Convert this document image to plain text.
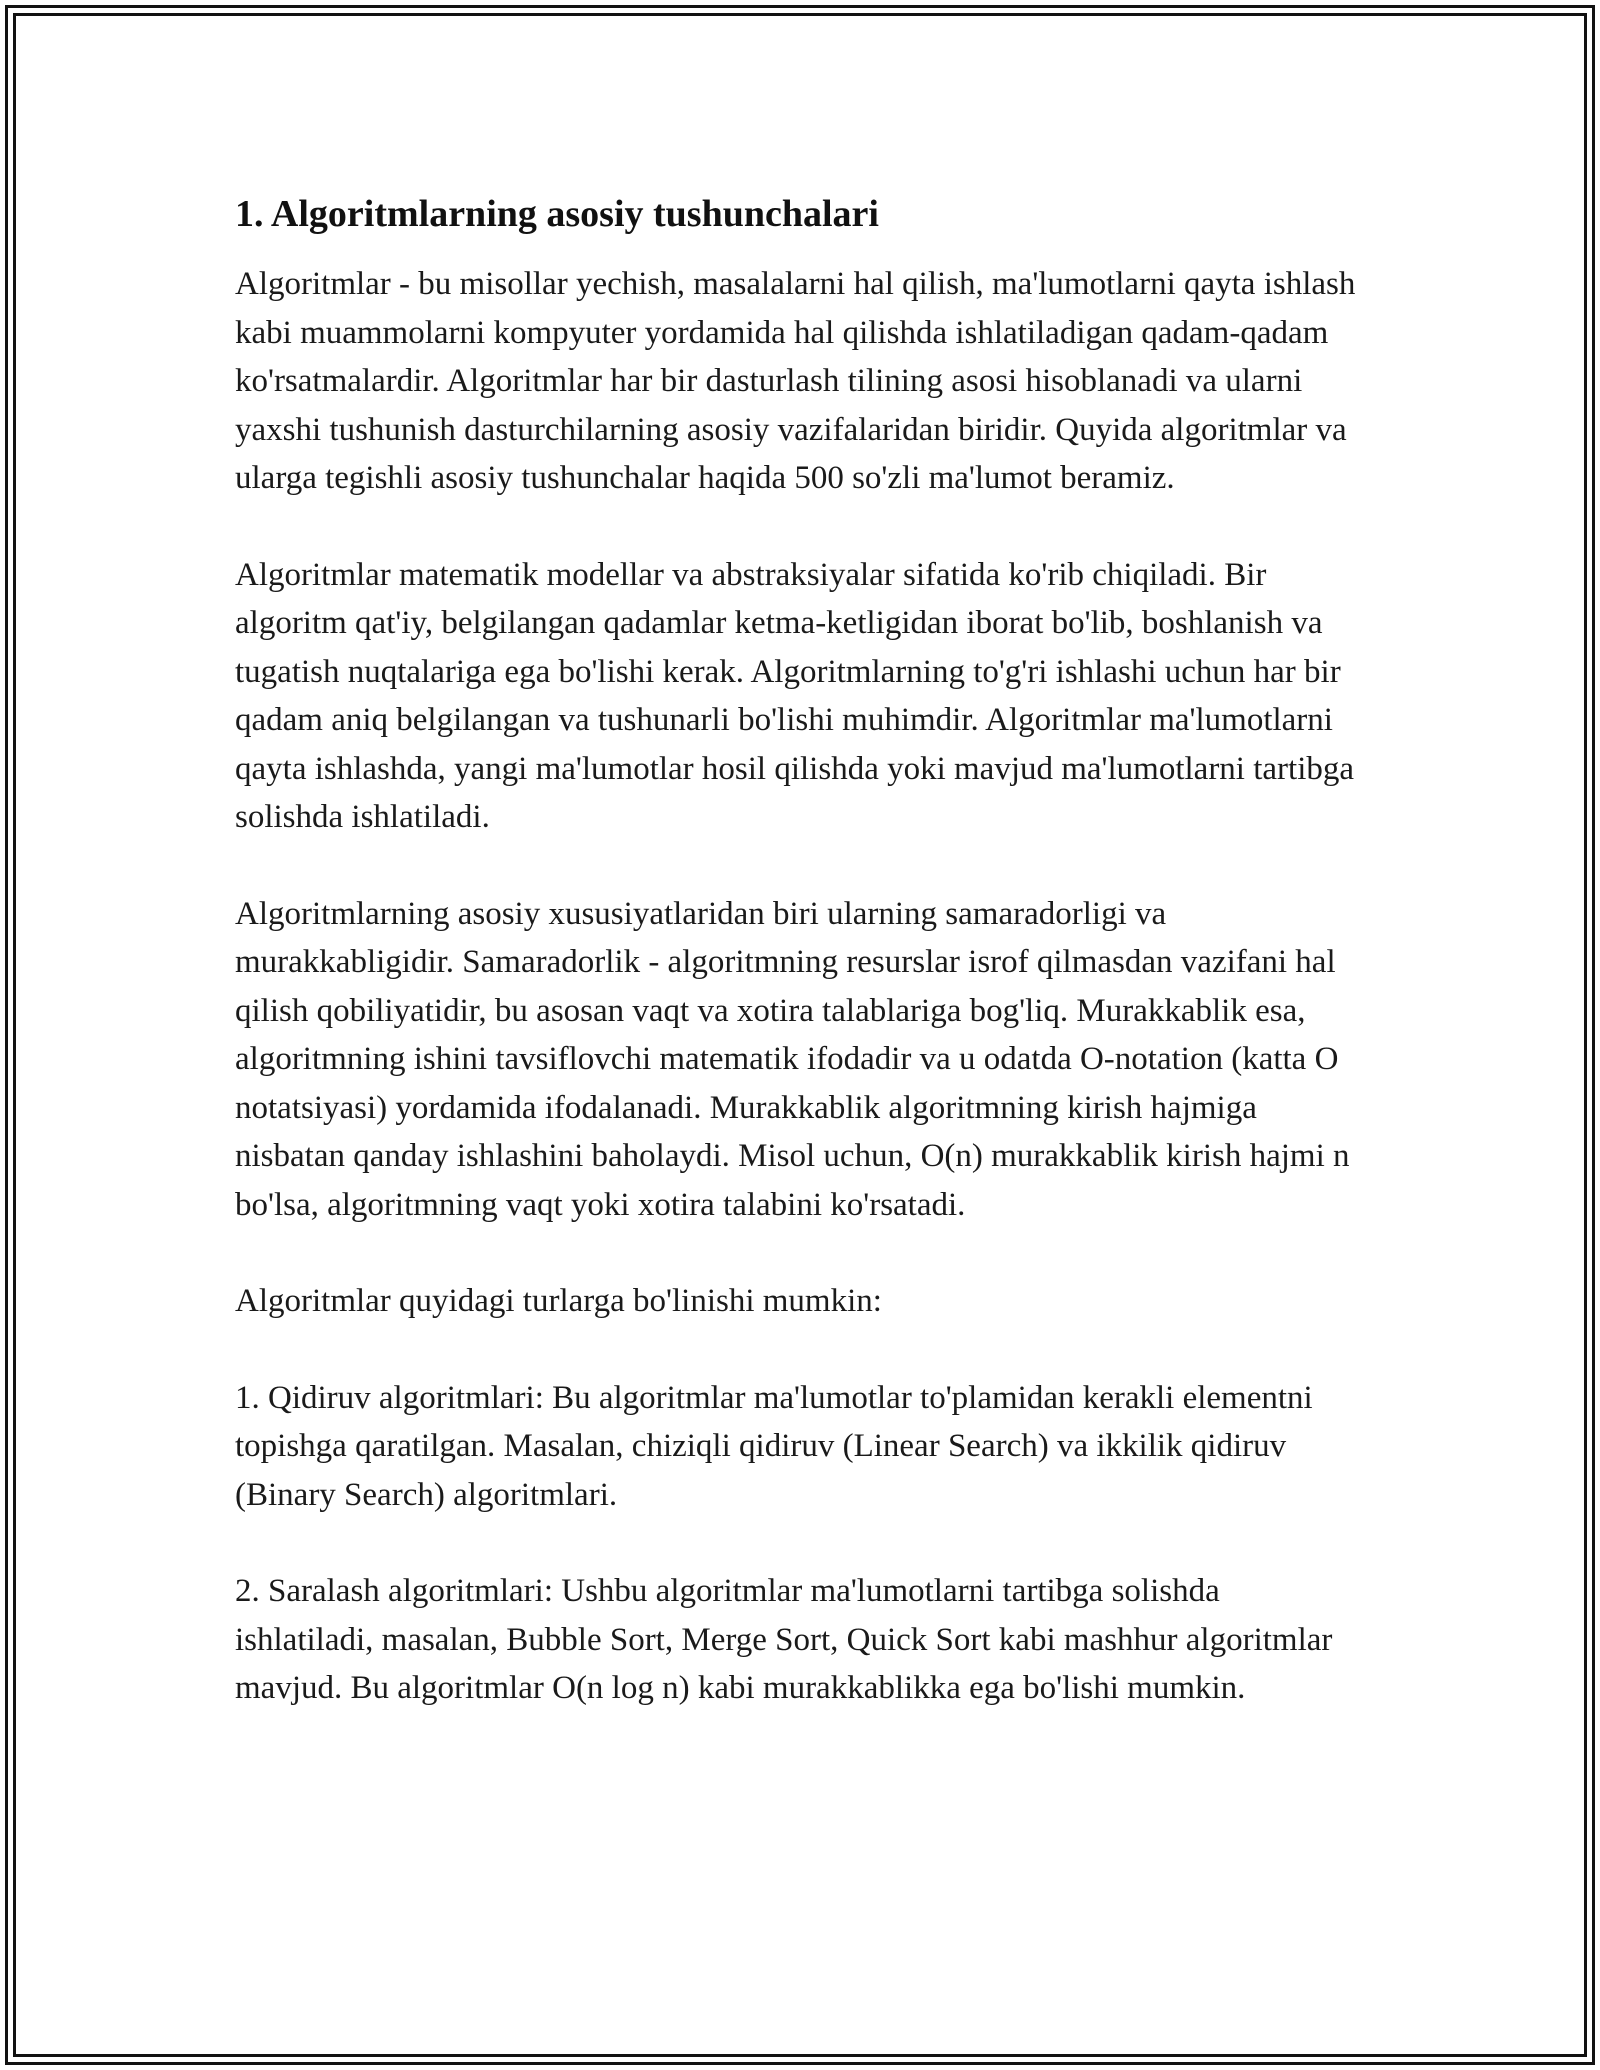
1. Algoritmlarning asosiy tushunchalari

Algoritmlar - bu misollar yechish, masalalarni hal qilish, ma'lumotlarni qayta ishlash kabi muammolarni kompyuter yordamida hal qilishda ishlatiladigan qadam-qadam ko'rsatmalardir. Algoritmlar har bir dasturlash tilining asosi hisoblanadi va ularni yaxshi tushunish dasturchilarning asosiy vazifalaridan biridir. Quyida algoritmlar va ularga tegishli asosiy tushunchalar haqida 500 so'zli ma'lumot beramiz.

Algoritmlar matematik modellar va abstraksiyalar sifatida ko'rib chiqiladi. Bir algoritm qat'iy, belgilangan qadamlar ketma-ketligidan iborat bo'lib, boshlanish va tugatish nuqtalariga ega bo'lishi kerak. Algoritmlarning to'g'ri ishlashi uchun har bir qadam aniq belgilangan va tushunarli bo'lishi muhimdir. Algoritmlar ma'lumotlarni qayta ishlashda, yangi ma'lumotlar hosil qilishda yoki mavjud ma'lumotlarni tartibga solishda ishlatiladi.

Algoritmlarning asosiy xususiyatlaridan biri ularning samaradorligi va murakkabligidir. Samaradorlik - algoritmning resurslar isrof qilmasdan vazifani hal qilish qobiliyatidir, bu asosan vaqt va xotira talablariga bog'liq. Murakkablik esa, algoritmning ishini tavsiflovchi matematik ifodadir va u odatda O-notation (katta O notatsiyasi) yordamida ifodalanadi. Murakkablik algoritmning kirish hajmiga nisbatan qanday ishlashini baholaydi. Misol uchun, O(n) murakkablik kirish hajmi n bo'lsa, algoritmning vaqt yoki xotira talabini ko'rsatadi.

Algoritmlar quyidagi turlarga bo'linishi mumkin:

1. Qidiruv algoritmlari: Bu algoritmlar ma'lumotlar to'plamidan kerakli elementni topishga qaratilgan. Masalan, chiziqli qidiruv (Linear Search) va ikkilik qidiruv (Binary Search) algoritmlari.

2. Saralash algoritmlari: Ushbu algoritmlar ma'lumotlarni tartibga solishda ishlatiladi, masalan, Bubble Sort, Merge Sort, Quick Sort kabi mashhur algoritmlar mavjud. Bu algoritmlar O(n log n) kabi murakkablikka ega bo'lishi mumkin.
